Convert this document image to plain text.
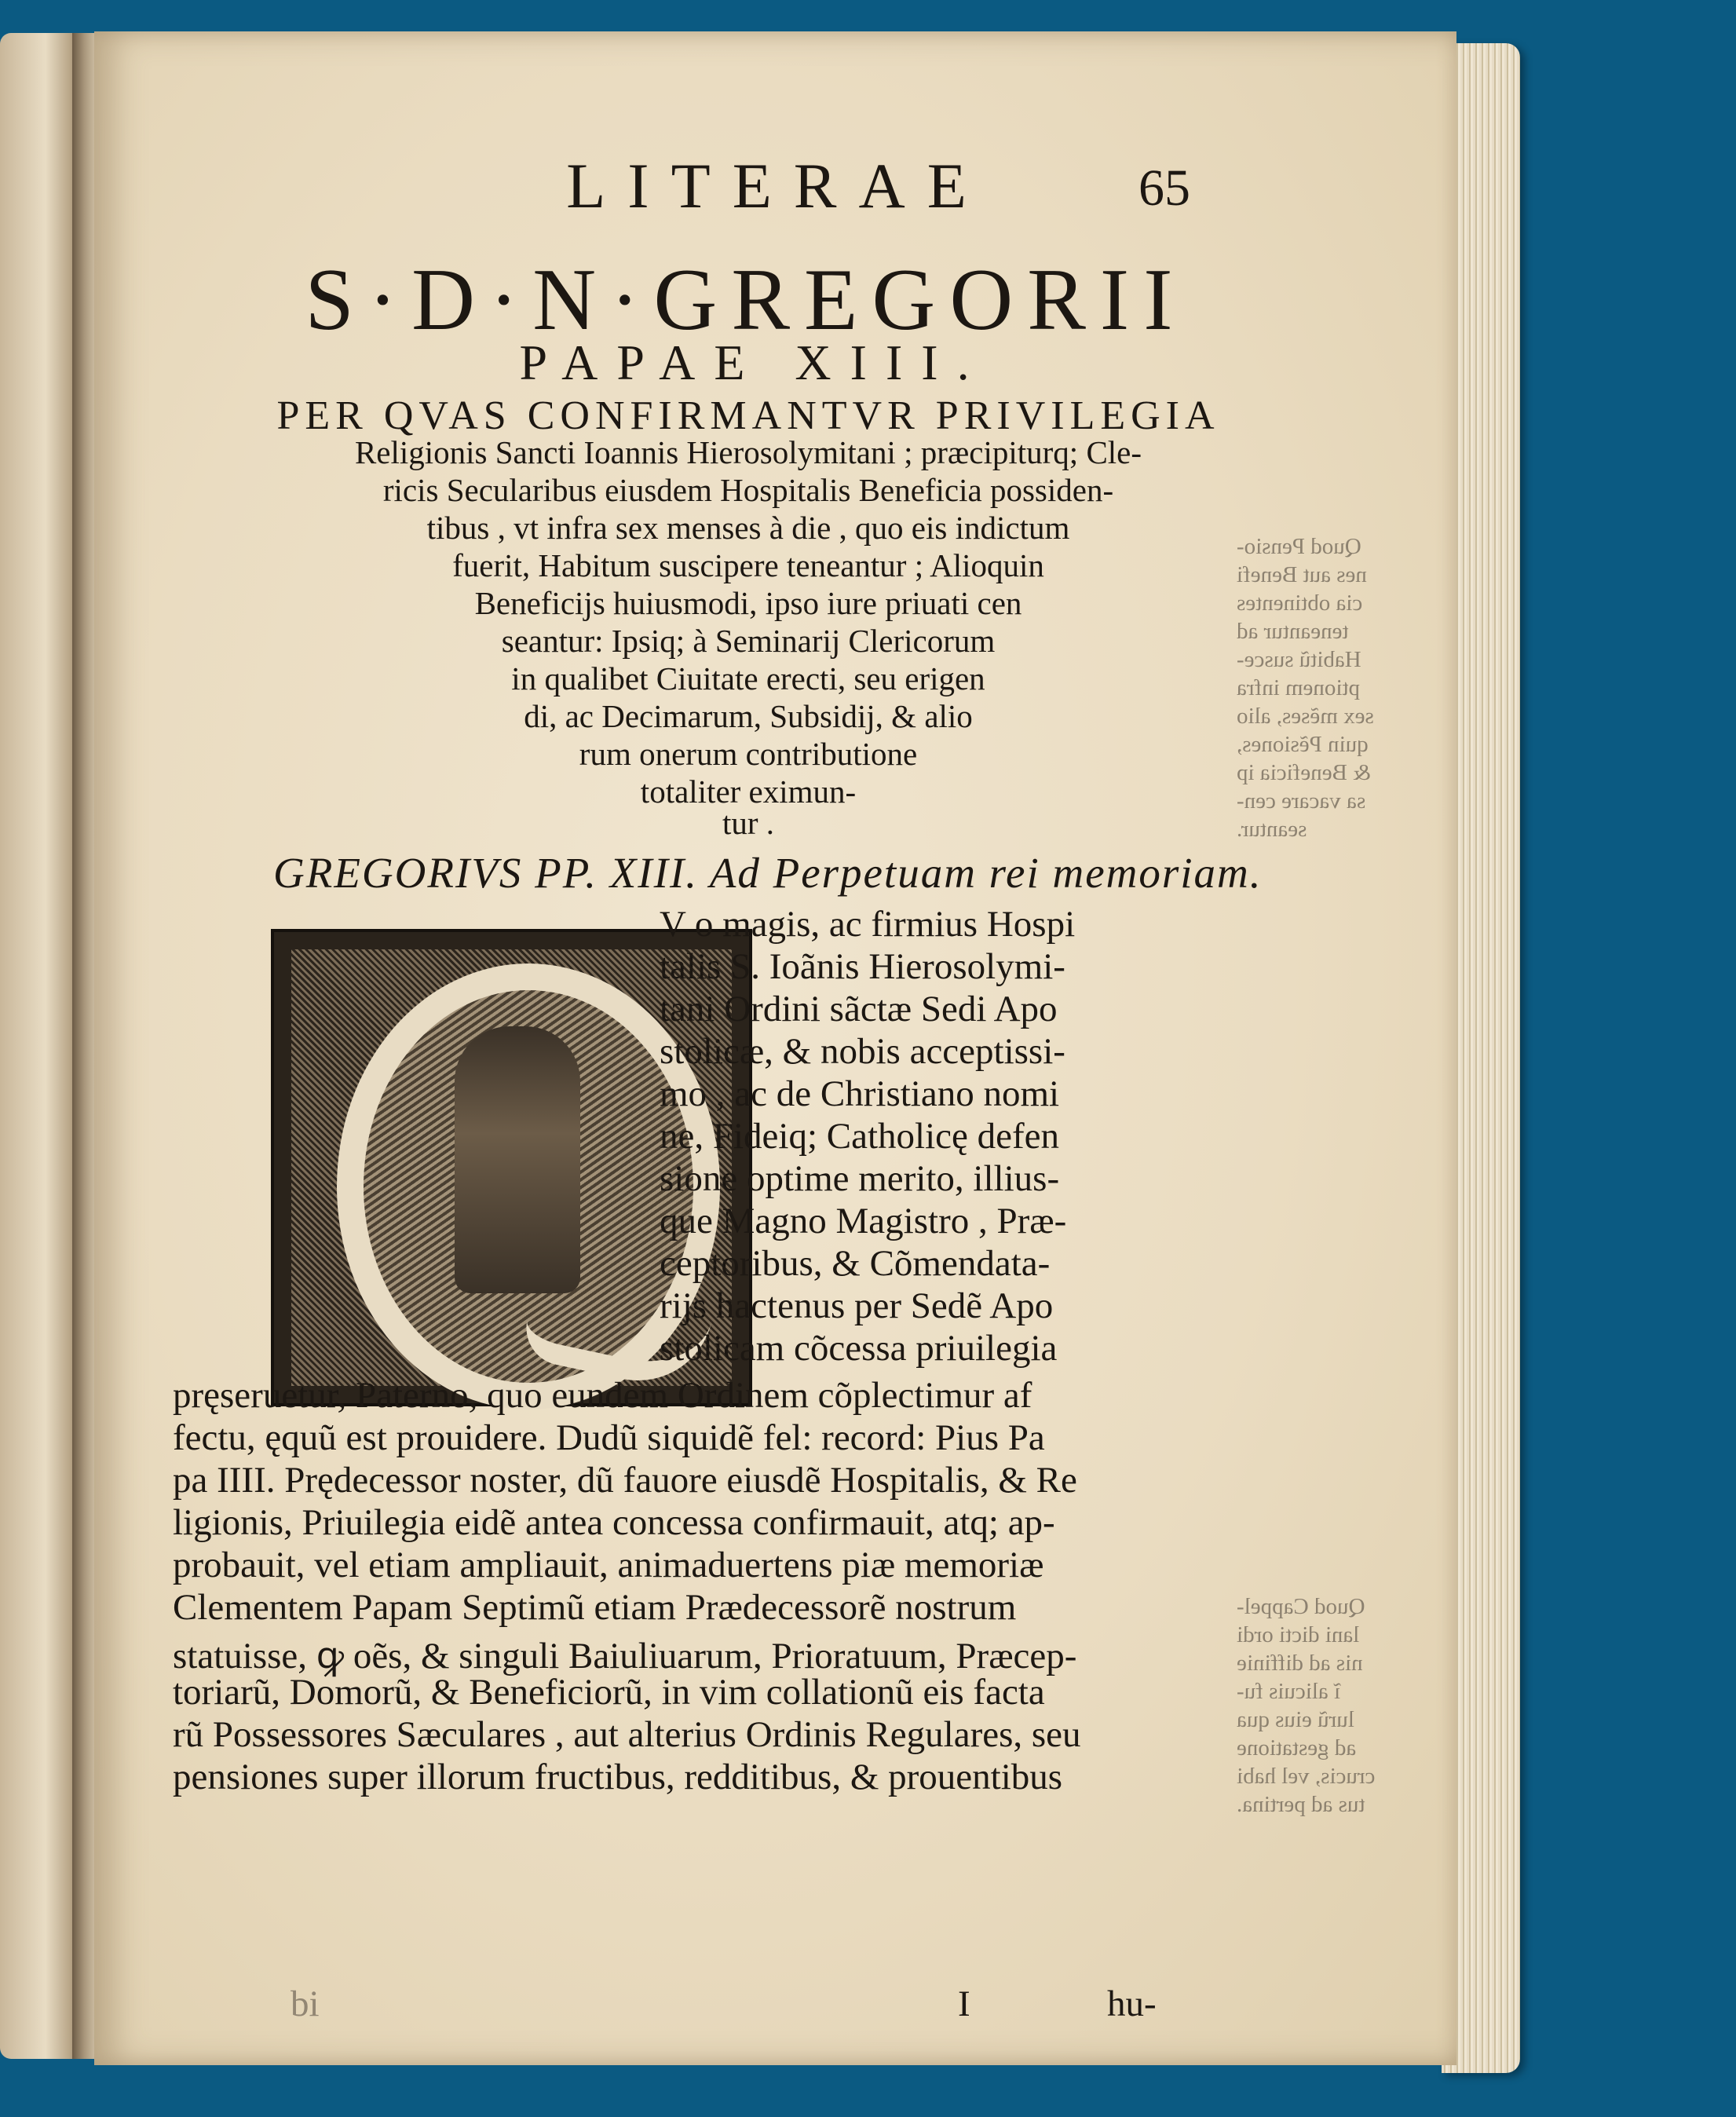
LITERAE	65
S·D·N·GREGORII
PAPAE XIII.
PER QVAS CONFIRMANTVR PRIVILEGIA
Religionis Sancti Ioannis Hierosolymitani ; præcipiturq; Cle-
ricis Secularibus eiusdem Hospitalis Beneficia possiden-
tibus , vt infra sex menses à die , quo eis indictum
fuerit, Habitum suscipere teneantur ; Alioquin
Beneficijs huiusmodi, ipso iure priuati cen
seantur: Ipsiq; à Seminarij Clericorum
in qualibet Ciuitate erecti, seu erigen
di, ac Decimarum, Subsidij, & alio
rum onerum contributione
totaliter eximun-
tur .
GREGORIVS PP. XIII. Ad Perpetuam rei memoriam.
V o magis, ac firmius Hospi
talis S. Ioãnis Hierosolymi-
tani Ordini sãctæ Sedi Apo
stolicæ, & nobis acceptissi-
mo , ac de Christiano nomi
ne, Fideiq; Catholicę defen
sione optime merito, illius-
que Magno Magistro , Præ-
ceptoribus, & Cõmendata-
rijs hactenus per Sedẽ Apo
stolicam cõcessa priuilegia
pręseruetur, Paterno, quo eundem Ordinem cõplectimur af
fectu, ęquũ est prouidere. Dudũ siquidẽ fel: record: Pius Pa
pa IIII. Prędecessor noster, dũ fauore eiusdẽ Hospitalis, & Re
ligionis, Priuilegia eidẽ antea concessa confirmauit, atq; ap-
probauit, vel etiam ampliauit, animaduertens piæ memoriæ
Clementem Papam Septimũ etiam Prædecessorẽ nostrum
statuisse, ꝙ oẽs, & singuli Baiuliuarum, Prioratuum, Præcep-
toriarũ, Domorũ, & Beneficiorũ, in vim collationũ eis facta
rũ Possessores Sæculares , aut alterius Ordinis Regulares, seu
pensiones super illorum fructibus, redditibus, & prouentibus
Quod Pensio-
nes aut Benefi
cia obtinentes
teneantur ad
Habitũ susce-
ptionem infra
sex mẽses, alio
quin Pẽsiones,
& Beneficia ip
sa vacare cen-
seantur.
Quod Cappel-
lani dicti ordi
nis ad diffinie
ĩ alicuis fu-
lurũ eius qua
ad gestatione
crucis, vel habi
tus ad pertina.
bi	I	hu-
